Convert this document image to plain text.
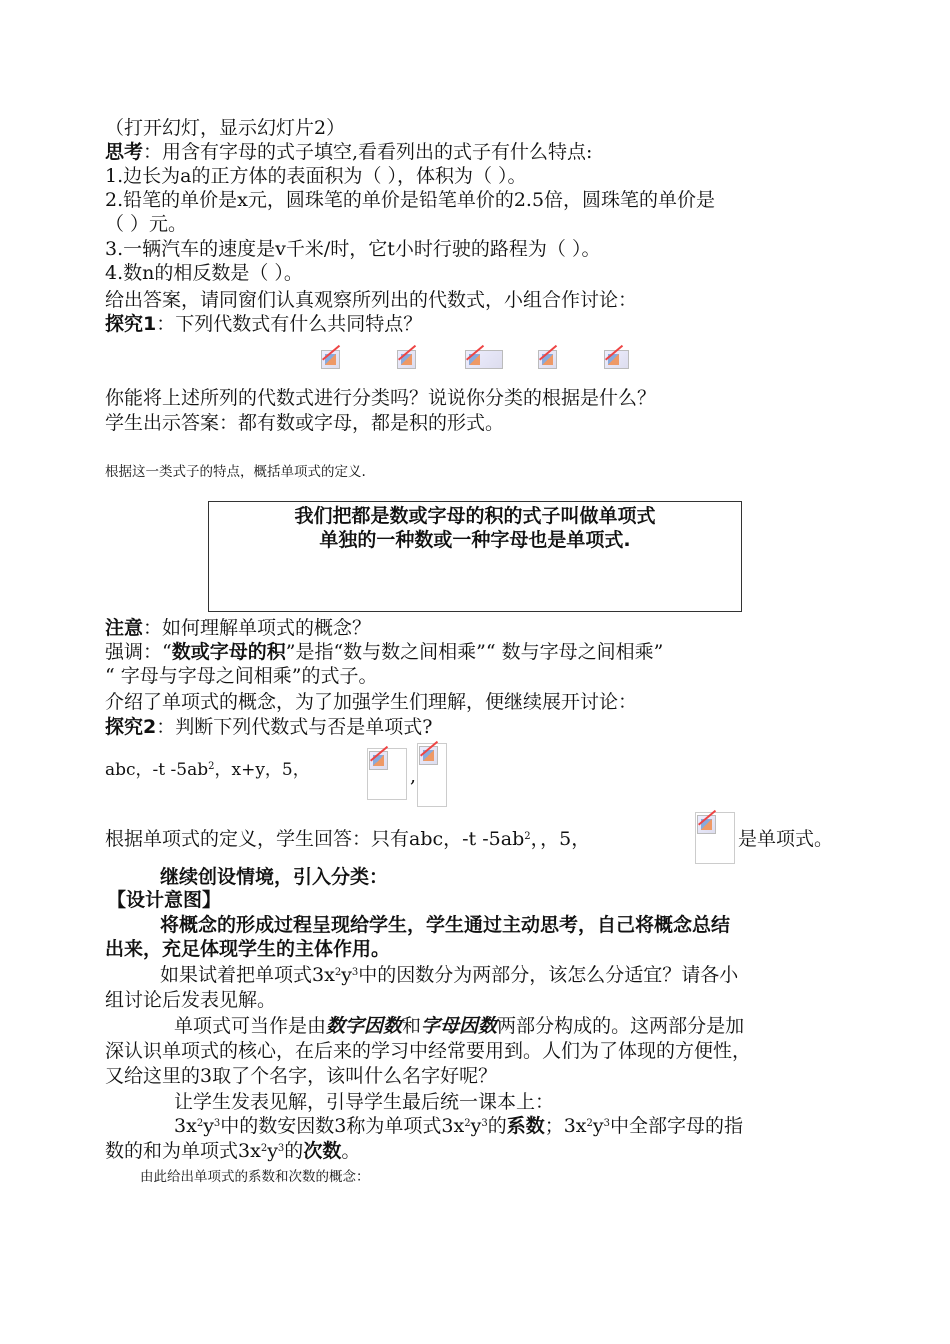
（打开幻灯，显示幻灯片2）
思考：用含有字母的式子填空,看看列出的式子有什么特点:
1.边长为a的正方体的表面积为（ ），体积为（ ）。
2.铅笔的单价是x元，圆珠笔的单价是铅笔单价的2.5倍，圆珠笔的单价是
（ ）元。
3.一辆汽车的速度是v千米/时，它t小时行驶的路程为（ ）。
4.数n的相反数是（ ）。
给出答案，请同窗们认真观察所列出的代数式，小组合作讨论：
探究1：下列代数式有什么共同特点？
你能将上述所列的代数式进行分类吗？说说你分类的根据是什么？
学生出示答案：都有数或字母，都是积的形式。
根据这一类式子的特点，概括单项式的定义.
我们把都是数或字母的积的式子叫做单项式
单独的一种数或一种字母也是单项式.
注意：如何理解单项式的概念？
强调：“数或字母的积”是指“数与数之间相乘”“ 数与字母之间相乘”
“ 字母与字母之间相乘”的式子。
介绍了单项式的概念，为了加强学生们理解，便继续展开讨论：
探究2：判断下列代数式与否是单项式?
abc，-t $-5ab^2$，x+y，5，	,
根据单项式的定义，学生回答：只有abc，-t $-5ab^2$，，5，	是单项式。
继续创设情境，引入分类：
【设计意图】
将概念的形成过程呈现给学生，学生通过主动思考，自己将概念总结
出来，充足体现学生的主体作用。
如果试着把单项式$3x^2y^3$中的因数分为两部分，该怎么分适宜？请各小
组讨论后发表见解。
单项式可当作是由数字因数和字母因数两部分构成的。这两部分是加
深认识单项式的核心，在后来的学习中经常要用到。人们为了体现的方便性，
又给这里的3取了个名字，该叫什么名字好呢？
让学生发表见解，引导学生最后统一课本上：
$3x^2y^3$中的数安因数3称为单项式$3x^2y^3$的系数；$3x^2y^3$中全部字母的指
数的和为单项式$3x^2y^3$的次数。
由此给出单项式的系数和次数的概念：
